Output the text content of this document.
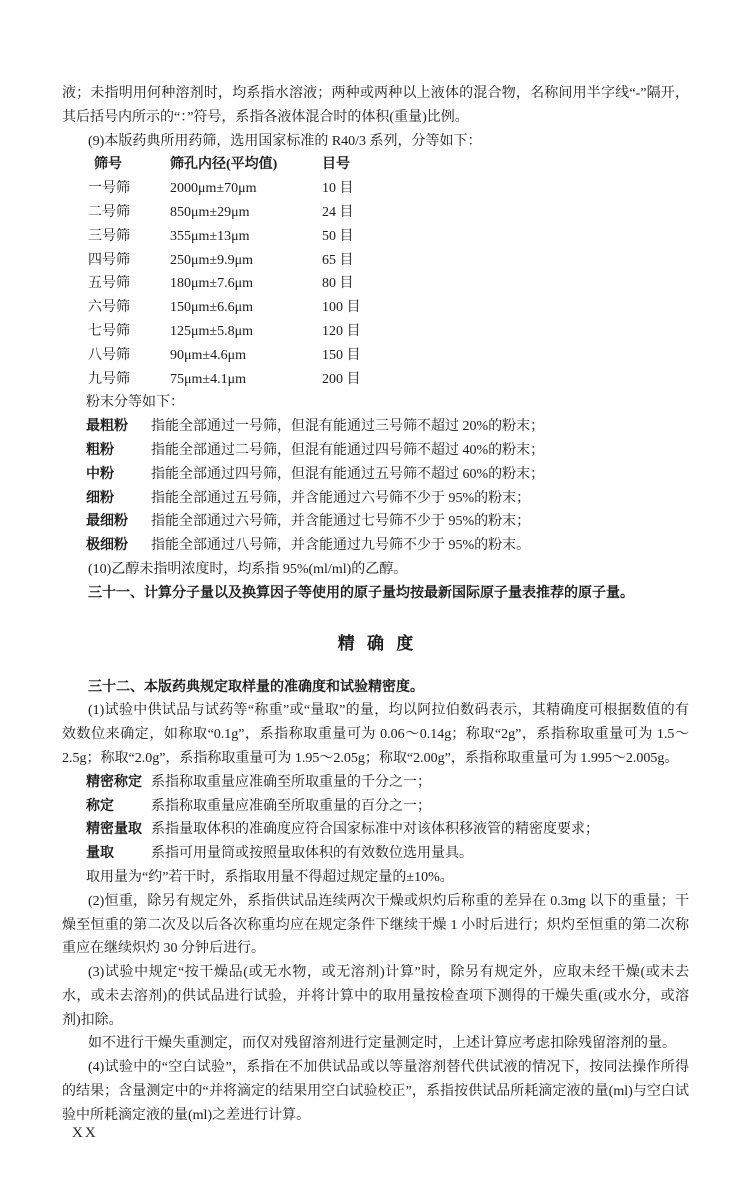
液；未指明用何种溶剂时，均系指水溶液；两种或两种以上液体的混合物，名称间用半字线“-”隔开，其后括号内所示的“：”符号，系指各液体混合时的体积(重量)比例。

(9)本版药典所用药筛，选用国家标准的 R40/3 系列，分等如下：

筛号	筛孔内径(平均值)	目号
一号筛	2000μm±70μm	10 目
二号筛	850μm±29μm	24 目
三号筛	355μm±13μm	50 目
四号筛	250μm±9.9μm	65 目
五号筛	180μm±7.6μm	80 目
六号筛	150μm±6.6μm	100 目
七号筛	125μm±5.8μm	120 目
八号筛	90μm±4.6μm	150 目
九号筛	75μm±4.1μm	200 目

粉末分等如下：

最粗粉	指能全部通过一号筛，但混有能通过三号筛不超过 20%的粉末；
粗粉	指能全部通过二号筛，但混有能通过四号筛不超过 40%的粉末；
中粉	指能全部通过四号筛，但混有能通过五号筛不超过 60%的粉末；
细粉	指能全部通过五号筛，并含能通过六号筛不少于 95%的粉末；
最细粉	指能全部通过六号筛，并含能通过七号筛不少于 95%的粉末；
极细粉	指能全部通过八号筛，并含能通过九号筛不少于 95%的粉末。

(10)乙醇未指明浓度时，均系指 95%(ml/ml)的乙醇。

三十一、计算分子量以及换算因子等使用的原子量均按最新国际原子量表推荐的原子量。

精确度

三十二、本版药典规定取样量的准确度和试验精密度。

(1)试验中供试品与试药等“称重”或“量取”的量，均以阿拉伯数码表示，其精确度可根据数值的有效数位来确定，如称取“0.1g”，系指称取重量可为 0.06～0.14g；称取“2g”，系指称取重量可为 1.5～2.5g；称取“2.0g”，系指称取重量可为 1.95～2.05g；称取“2.00g”，系指称取重量可为 1.995～2.005g。

精密称定 系指称取重量应准确至所取重量的千分之一；
称定	系指称取重量应准确至所取重量的百分之一；
精密量取 系指量取体积的准确度应符合国家标准中对该体积移液管的精密度要求；
量取	系指可用量筒或按照量取体积的有效数位选用量具。

取用量为“约”若干时，系指取用量不得超过规定量的±10%。

(2)恒重，除另有规定外，系指供试品连续两次干燥或炽灼后称重的差异在 0.3mg 以下的重量；干燥至恒重的第二次及以后各次称重均应在规定条件下继续干燥 1 小时后进行；炽灼至恒重的第二次称重应在继续炽灼 30 分钟后进行。

(3)试验中规定“按干燥品(或无水物，或无溶剂)计算”时，除另有规定外，应取未经干燥(或未去水，或未去溶剂)的供试品进行试验，并将计算中的取用量按检查项下测得的干燥失重(或水分，或溶剂)扣除。

如不进行干燥失重测定，而仅对残留溶剂进行定量测定时，上述计算应考虑扣除残留溶剂的量。

(4)试验中的“空白试验”，系指在不加供试品或以等量溶剂替代供试液的情况下，按同法操作所得的结果；含量测定中的“并将滴定的结果用空白试验校正”，系指按供试品所耗滴定液的量(ml)与空白试验中所耗滴定液的量(ml)之差进行计算。

XX
